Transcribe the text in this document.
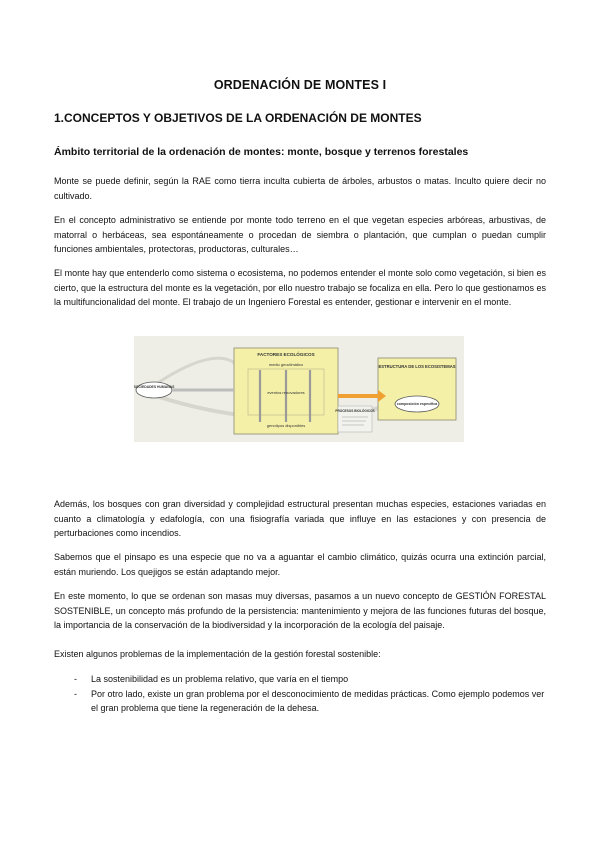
ORDENACIÓN DE MONTES I
1.CONCEPTOS Y OBJETIVOS DE LA ORDENACIÓN DE MONTES
Ámbito territorial de la ordenación de montes: monte, bosque y terrenos forestales

Monte se puede definir, según la RAE como tierra inculta cubierta de árboles, arbustos o matas. Inculto quiere decir no cultivado.

En el concepto administrativo se entiende por monte todo terreno en el que vegetan especies arbóreas, arbustivas, de matorral o herbáceas, sea espontáneamente o procedan de siembra o plantación, que cumplan o puedan cumplir funciones ambientales, protectoras, productoras, culturales…

El monte hay que entenderlo como sistema o ecosistema, no podemos entender el monte solo como vegetación, si bien es cierto, que la estructura del monte es la vegetación, por ello nuestro trabajo se focaliza en ella. Pero lo que gestionamos es la multifuncionalidad del monte. El trabajo de un Ingeniero Forestal es entender, gestionar e intervenir en el monte.

FACTORES ECOLÓGICOS
medio geoclimático
eventos renovadores
genotipos disponibles
SOCIEDADES HUMANAS
ESTRUCTURA DE LOS ECOSISTEMAS
composición específica
PROCESOS BIOLÓGICOS

Además, los bosques con gran diversidad y complejidad estructural presentan muchas especies, estaciones variadas en cuanto a climatología y edafología, con una fisiografía variada que influye en las estaciones y con presencia de perturbaciones como incendios.

Sabemos que el pinsapo es una especie que no va a aguantar el cambio climático, quizás ocurra una extinción parcial, están muriendo. Los quejigos se están adaptando mejor.

En este momento, lo que se ordenan son masas muy diversas, pasamos a un nuevo concepto de GESTIÓN FORESTAL SOSTENIBLE, un concepto más profundo de la persistencia: mantenimiento y mejora de las funciones futuras del bosque, la importancia de la conservación de la biodiversidad y la incorporación de la ecología del paisaje.

Existen algunos problemas de la implementación de la gestión forestal sostenible:

- La sostenibilidad es un problema relativo, que varía en el tiempo
- Por otro lado, existe un gran problema por el desconocimiento de medidas prácticas. Como ejemplo podemos ver el gran problema que tiene la regeneración de la dehesa.
